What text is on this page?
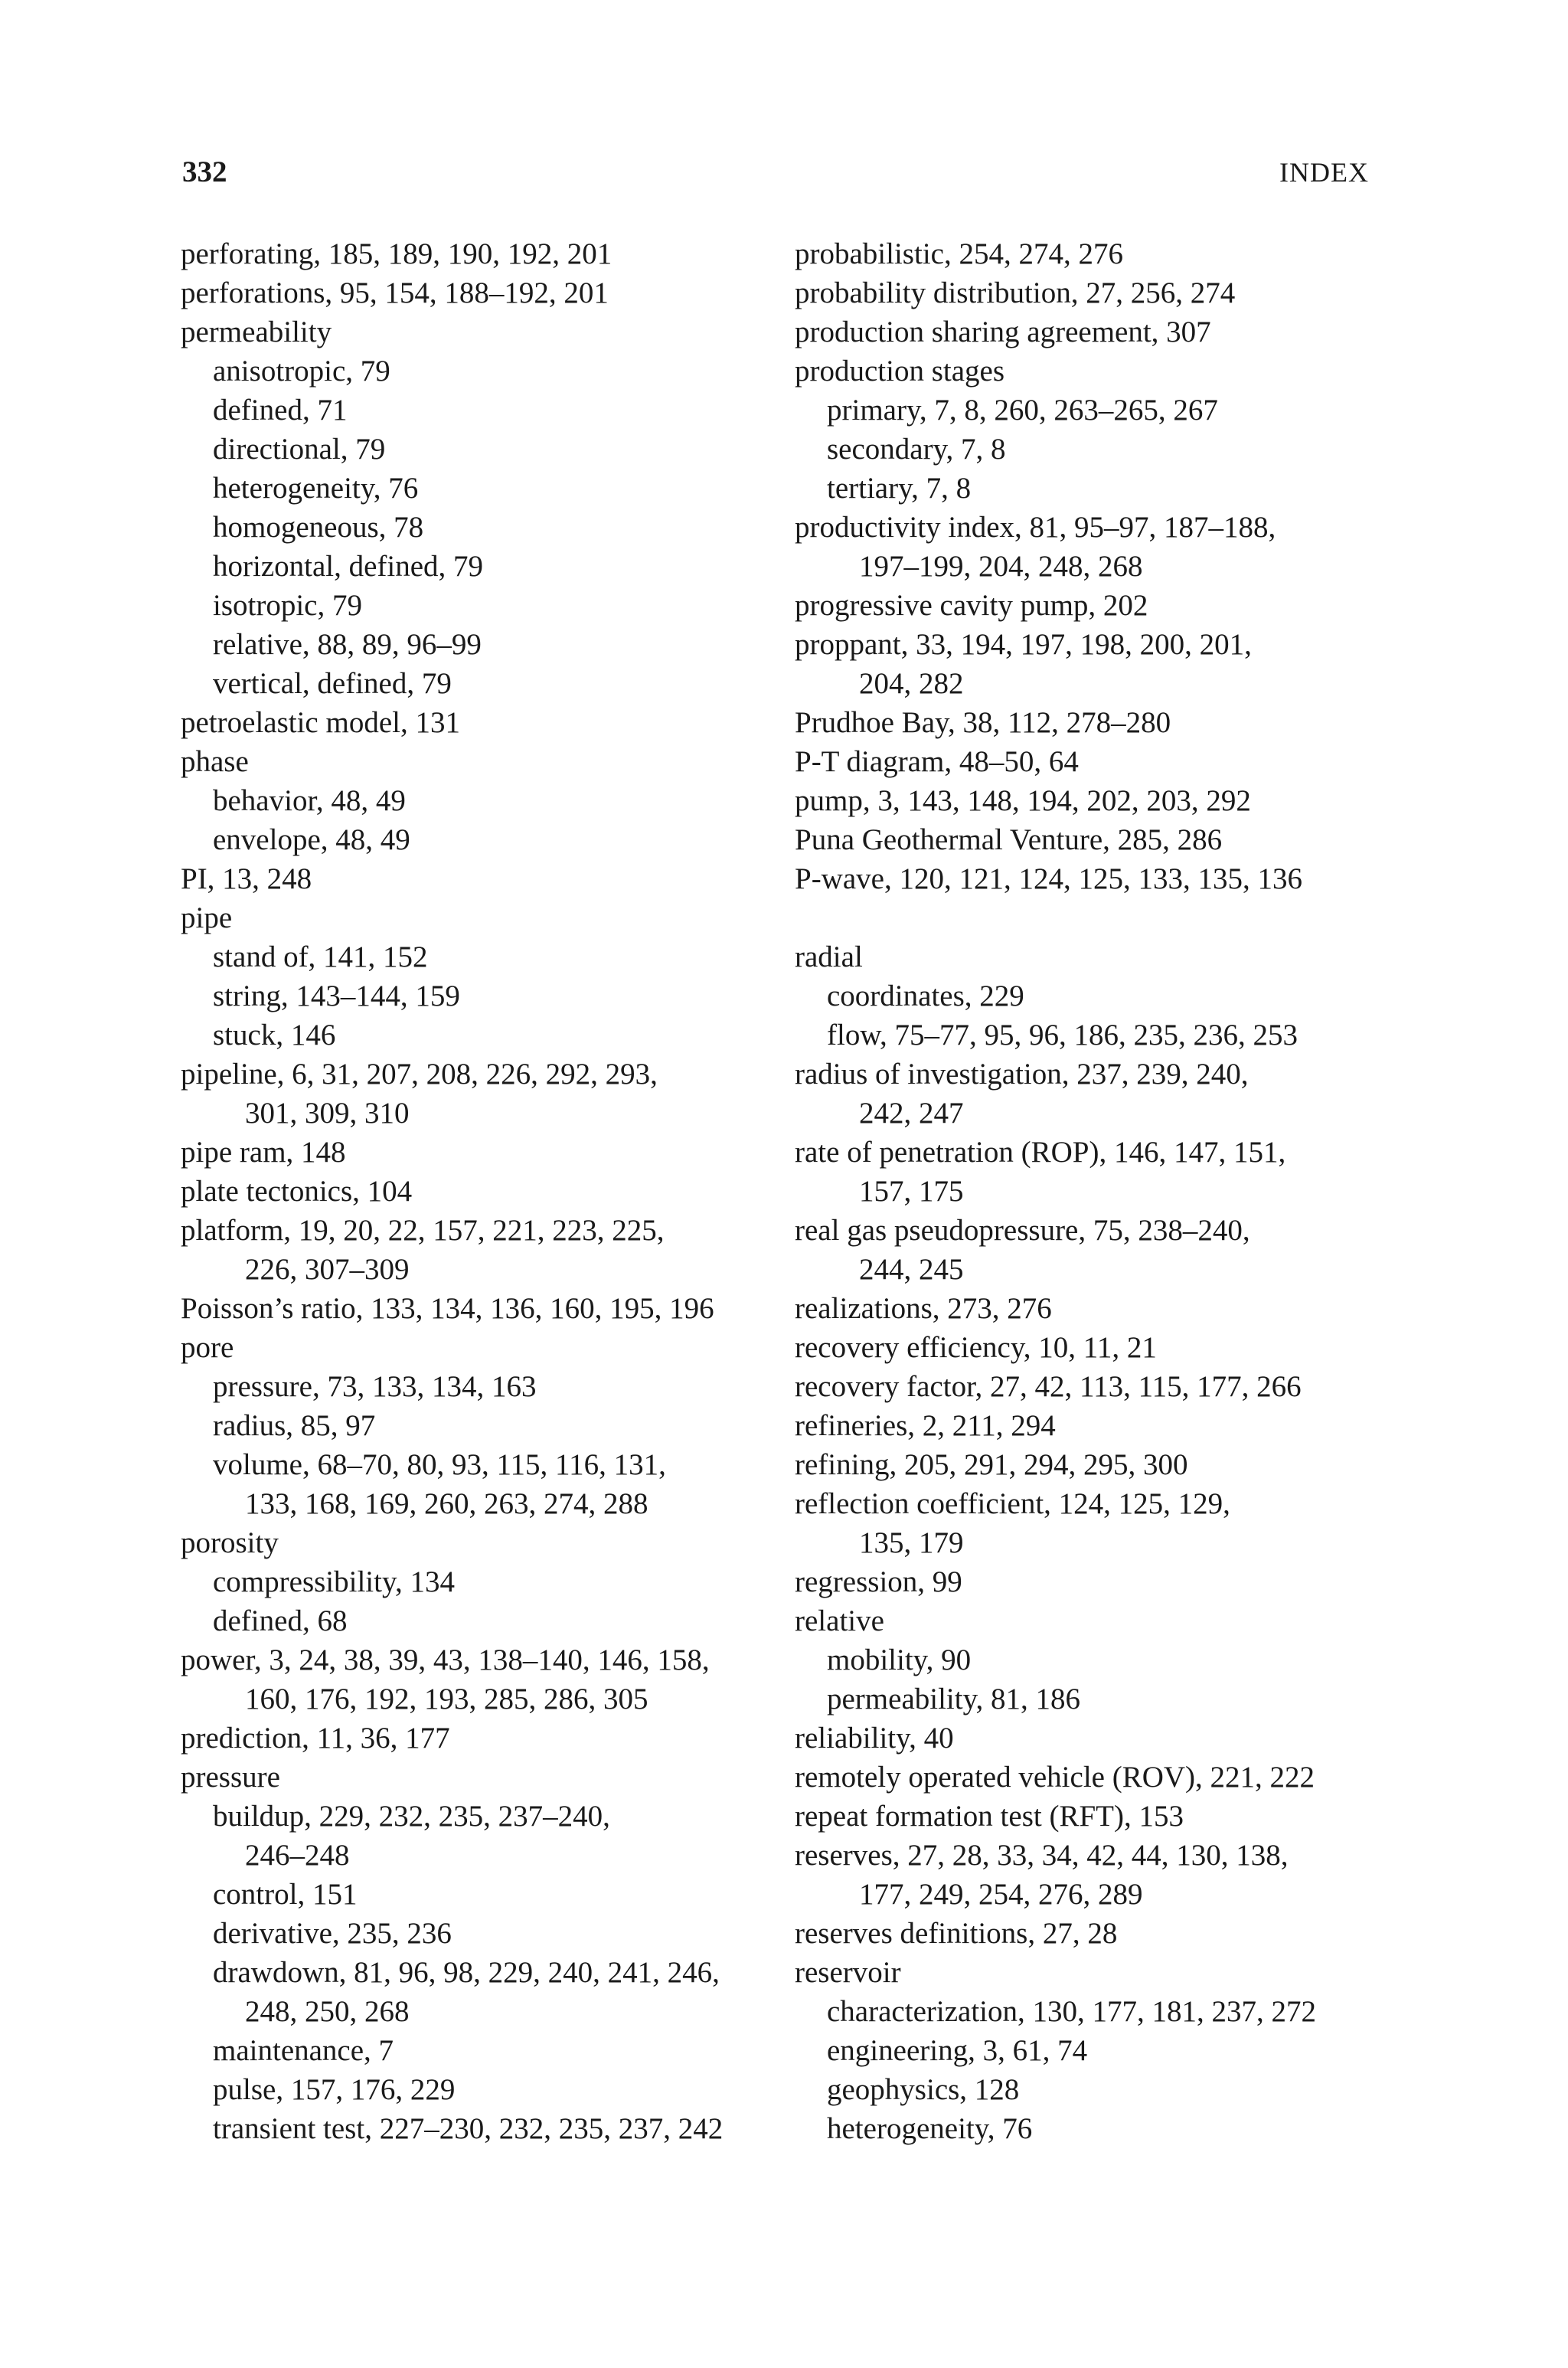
332	INDEX
perforating, 185, 189, 190, 192, 201
perforations, 95, 154, 188–192, 201
permeability
anisotropic, 79
defined, 71
directional, 79
heterogeneity, 76
homogeneous, 78
horizontal, defined, 79
isotropic, 79
relative, 88, 89, 96–99
vertical, defined, 79
petroelastic model, 131
phase
behavior, 48, 49
envelope, 48, 49
PI, 13, 248
pipe
stand of, 141, 152
string, 143–144, 159
stuck, 146
pipeline, 6, 31, 207, 208, 226, 292, 293,
301, 309, 310
pipe ram, 148
plate tectonics, 104
platform, 19, 20, 22, 157, 221, 223, 225,
226, 307–309
Poisson’s ratio, 133, 134, 136, 160, 195, 196
pore
pressure, 73, 133, 134, 163
radius, 85, 97
volume, 68–70, 80, 93, 115, 116, 131,
133, 168, 169, 260, 263, 274, 288
porosity
compressibility, 134
defined, 68
power, 3, 24, 38, 39, 43, 138–140, 146, 158,
160, 176, 192, 193, 285, 286, 305
prediction, 11, 36, 177
pressure
buildup, 229, 232, 235, 237–240,
246–248
control, 151
derivative, 235, 236
drawdown, 81, 96, 98, 229, 240, 241, 246,
248, 250, 268
maintenance, 7
pulse, 157, 176, 229
transient test, 227–230, 232, 235, 237, 242
probabilistic, 254, 274, 276
probability distribution, 27, 256, 274
production sharing agreement, 307
production stages
primary, 7, 8, 260, 263–265, 267
secondary, 7, 8
tertiary, 7, 8
productivity index, 81, 95–97, 187–188,
197–199, 204, 248, 268
progressive cavity pump, 202
proppant, 33, 194, 197, 198, 200, 201,
204, 282
Prudhoe Bay, 38, 112, 278–280
P-T diagram, 48–50, 64
pump, 3, 143, 148, 194, 202, 203, 292
Puna Geothermal Venture, 285, 286
P-wave, 120, 121, 124, 125, 133, 135, 136
radial
coordinates, 229
flow, 75–77, 95, 96, 186, 235, 236, 253
radius of investigation, 237, 239, 240,
242, 247
rate of penetration (ROP), 146, 147, 151,
157, 175
real gas pseudopressure, 75, 238–240,
244, 245
realizations, 273, 276
recovery efficiency, 10, 11, 21
recovery factor, 27, 42, 113, 115, 177, 266
refineries, 2, 211, 294
refining, 205, 291, 294, 295, 300
reflection coefficient, 124, 125, 129,
135, 179
regression, 99
relative
mobility, 90
permeability, 81, 186
reliability, 40
remotely operated vehicle (ROV), 221, 222
repeat formation test (RFT), 153
reserves, 27, 28, 33, 34, 42, 44, 130, 138,
177, 249, 254, 276, 289
reserves definitions, 27, 28
reservoir
characterization, 130, 177, 181, 237, 272
engineering, 3, 61, 74
geophysics, 128
heterogeneity, 76
